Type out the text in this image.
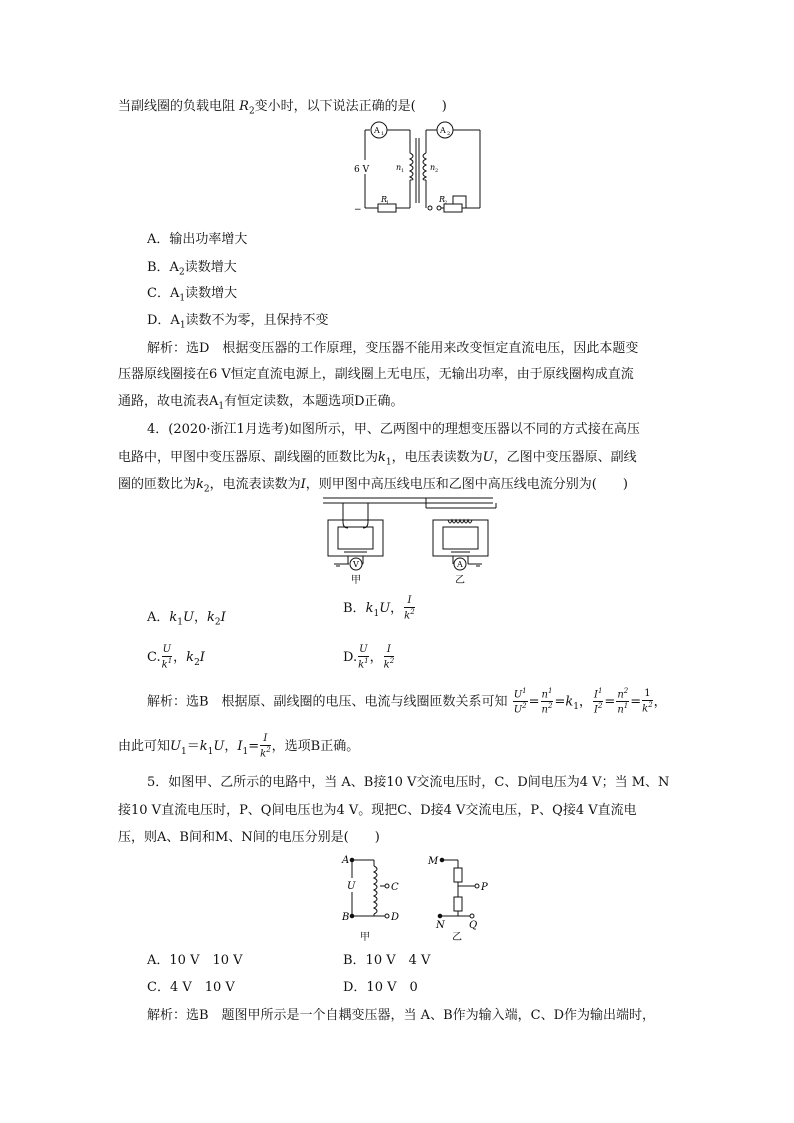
当副线圈的负载电阻 $R_2$变小时，以下说法正确的是(　　)
A 1	A 2
6 V
−
n 1	n 2
R
1	R
2
A．输出功率增大
B．$A_2$读数增大
C．$A_1$读数增大
D．$A_1$读数不为零，且保持不变
解析：选D　根据变压器的工作原理，变压器不能用来改变恒定直流电压，因此本题变
压器原线圈接在6 V恒定直流电源上，副线圈上无电压，无输出功率，由于原线圈构成直流
通路，故电流表$A_1$有恒定读数，本题选项D正确。
4．(2020·浙江1月选考)如图所示，甲、乙两图中的理想变压器以不同的方式接在高压
电路中，甲图中变压器原、副线圈的匝数比为$k_1$，电压表读数为U，乙图中变压器原、副线
圈的匝数比为$k_2$，电流表读数为I，则甲图中高压线电压和乙图中高压线电流分别为(　　)
V	A
甲	乙
A．$k_1U$，$k_2I$
B．$k_1U$， $\frac{I}{k^2}$
C. $\frac{U}{k^1}$ ，$k_2I$	D. $\frac{U}{k^1}$ ， $\frac{I}{k^2}$
解析：选B　根据原、副线圈的电压、电流与线圈匝数关系可知 $\frac{U^1}{U^2} = \frac{n^1}{n^2} =k_1$， $\frac{I^1}{I^2} = \frac{n^2}{n^1} = \frac{1}{k^2}$ ，
由此可知$U_1=k_1U$，$I_1= \frac{I}{k^2}$ ，选项B正确。
5．如图甲、乙所示的电路中，当 A、B接10 V交流电压时，C、D间电压为4 V；当 M、N
接10 V直流电压时，P、Q间电压也为4 V。现把C、D接4 V交流电压，P、Q接4 V直流电
压，则A、B间和M、N间的电压分别是(　　)
A
B
U	C
D
M
P
N Q
甲	乙
A．10 V　10 V	B．10 V　4 V
C．4 V　10 V	D．10 V　0
解析：选B　题图甲所示是一个自耦变压器，当 A、B作为输入端，C、D作为输出端时，
